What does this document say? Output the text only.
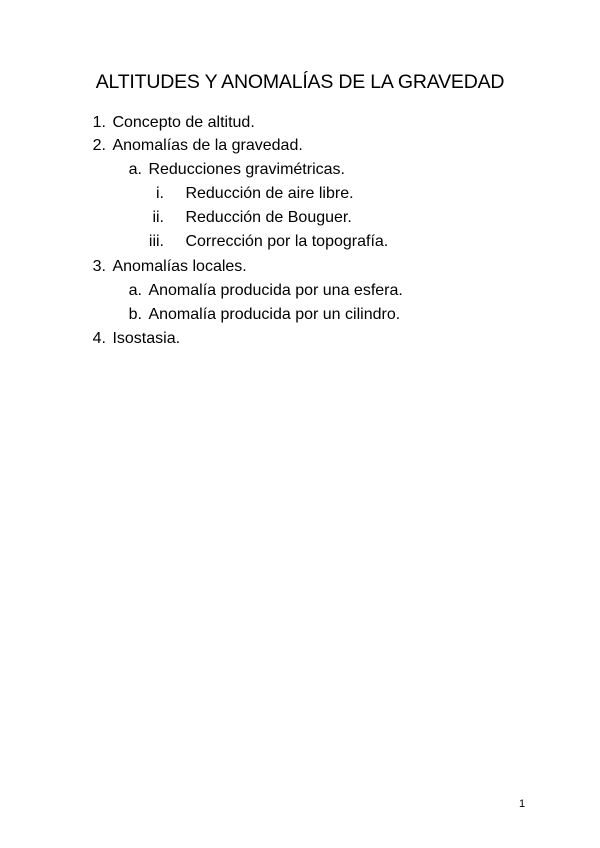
ALTITUDES Y ANOMALÍAS DE LA GRAVEDAD
1. Concepto de altitud.
2. Anomalías de la gravedad.
a. Reducciones gravimétricas.
i. Reducción de aire libre.
ii. Reducción de Bouguer.
iii. Corrección por la topografía.
3. Anomalías locales.
a. Anomalía producida por una esfera.
b. Anomalía producida por un cilindro.
4. Isostasia.
1
